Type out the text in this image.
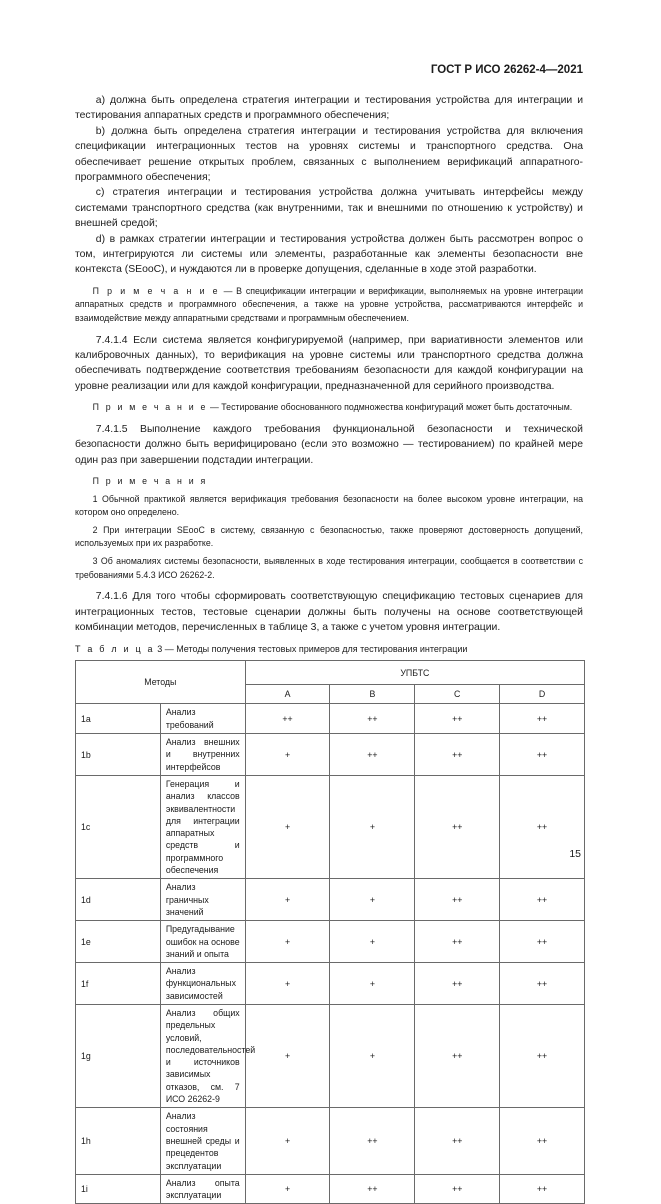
ГОСТ Р ИСО 26262-4—2021

a) должна быть определена стратегия интеграции и тестирования устройства для интеграции и тестирования аппаратных средств и программного обеспечения;

b) должна быть определена стратегия интеграции и тестирования устройства для включения спецификации интеграционных тестов на уровнях системы и транспортного средства. Она обеспечивает решение открытых проблем, связанных с выполнением верификаций аппаратного-программного обеспечения;

c) стратегия интеграции и тестирования устройства должна учитывать интерфейсы между системами транспортного средства (как внутренними, так и внешними по отношению к устройству) и внешней средой;

d) в рамках стратегии интеграции и тестирования устройства должен быть рассмотрен вопрос о том, интегрируются ли системы или элементы, разработанные как элементы безопасности вне контекста (SEooC), и нуждаются ли в проверке допущения, сделанные в ходе этой разработки.

П р и м е ч а н и е — В спецификации интеграции и верификации, выполняемых на уровне интеграции аппаратных средств и программного обеспечения, а также на уровне устройства, рассматриваются интерфейс и взаимодействие между аппаратными средствами и программным обеспечением.

7.4.1.4 Если система является конфигурируемой (например, при вариативности элементов или калибровочных данных), то верификация на уровне системы или транспортного средства должна обеспечивать подтверждение соответствия требованиям безопасности для каждой конфигурации на уровне реализации или для каждой конфигурации, предназначенной для серийного производства.

П р и м е ч а н и е — Тестирование обоснованного подмножества конфигураций может быть достаточным.

7.4.1.5 Выполнение каждого требования функциональной безопасности и технической безопасности должно быть верифицировано (если это возможно — тестированием) по крайней мере один раз при завершении подстадии интеграции.

П р и м е ч а н и я

1 Обычной практикой является верификация требования безопасности на более высоком уровне интеграции, на котором оно определено.

2 При интеграции SEooC в систему, связанную с безопасностью, также проверяют достоверность допущений, используемых при их разработке.

3 Об аномалиях системы безопасности, выявленных в ходе тестирования интеграции, сообщается в соответствии с требованиями 5.4.3 ИСО 26262-2.

7.4.1.6 Для того чтобы сформировать соответствующую спецификацию тестовых сценариев для интеграционных тестов, тестовые сценарии должны быть получены на основе соответствующей комбинации методов, перечисленных в таблице 3, а также с учетом уровня интеграции.

Т а б л и ц а 3 — Методы получения тестовых примеров для тестирования интеграции
Методы		УПБТС			
		A	B	C	D
1a	Анализ требований	++	++	++	++
1b	Анализ внешних и внутренних интерфейсов	+	++	++	++
1c	Генерация и анализ классов эквивалентности для интеграции аппаратных средств и программного обеспечения	+	+	++	++
1d	Анализ граничных значений	+	+	++	++
1e	Предугадывание ошибок на основе знаний и опыта	+	+	++	++
1f	Анализ функциональных зависимостей	+	+	++	++
1g	Анализ общих предельных условий, последовательностей и источников зависимых отказов, см. 7 ИСО 26262-9	+	+	++	++
1h	Анализ состояния внешней среды и прецедентов эксплуатации	+	++	++	++
1i	Анализ опыта эксплуатации	+	++	++	++
15
